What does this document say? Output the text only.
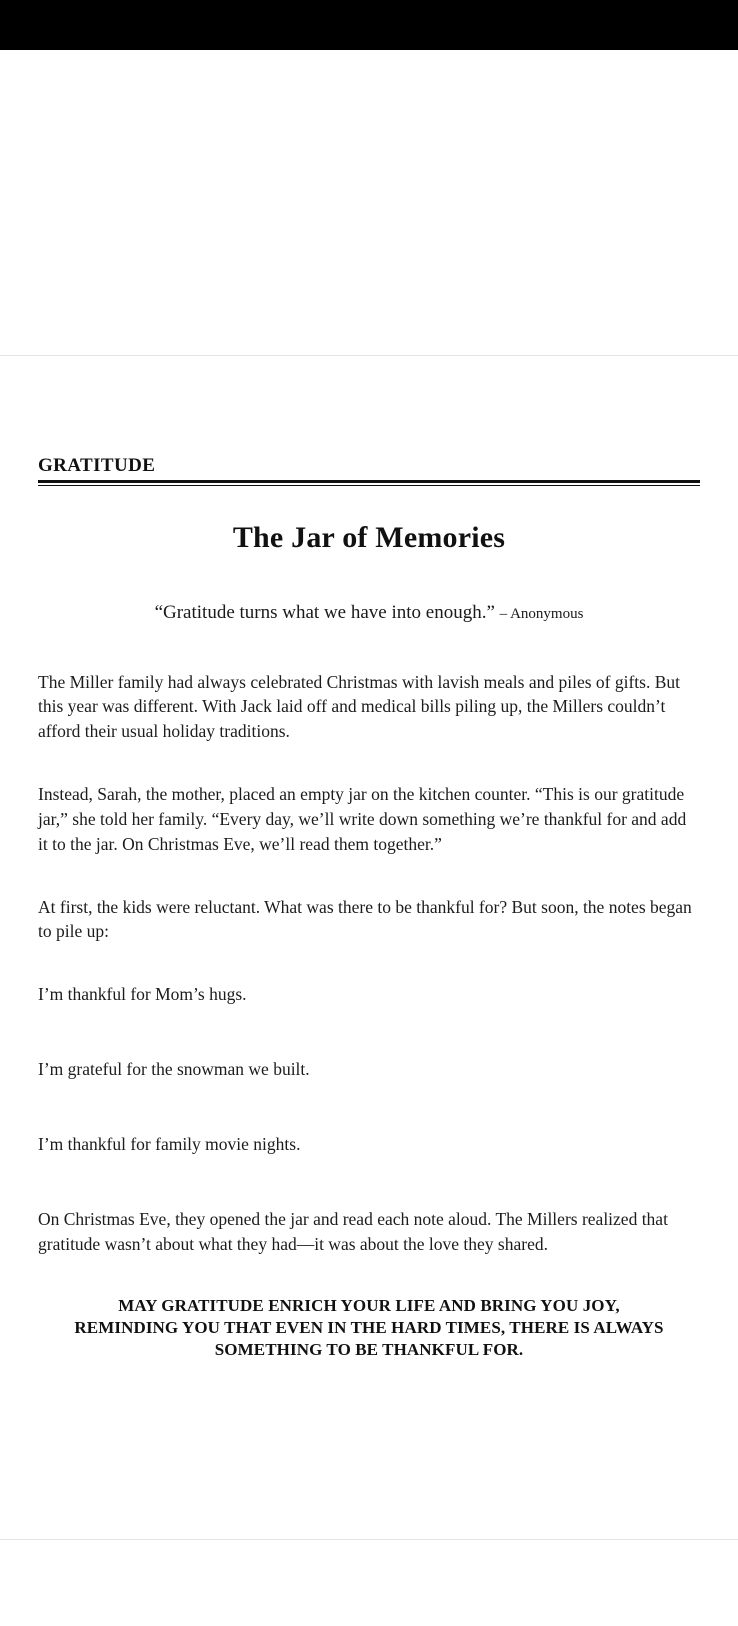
GRATITUDE
The Jar of Memories
“Gratitude turns what we have into enough.” – Anonymous

The Miller family had always celebrated Christmas with lavish meals and piles of gifts. But this year was different. With Jack laid off and medical bills piling up, the Millers couldn’t afford their usual holiday traditions.

Instead, Sarah, the mother, placed an empty jar on the kitchen counter. “This is our gratitude jar,” she told her family. “Every day, we’ll write down something we’re thankful for and add it to the jar. On Christmas Eve, we’ll read them together.”

At first, the kids were reluctant. What was there to be thankful for? But soon, the notes began to pile up:

I’m thankful for Mom’s hugs.

I’m grateful for the snowman we built.

I’m thankful for family movie nights.

On Christmas Eve, they opened the jar and read each note aloud. The Millers realized that gratitude wasn’t about what they had—it was about the love they shared.

MAY GRATITUDE ENRICH YOUR LIFE AND BRING YOU JOY,
REMINDING YOU THAT EVEN IN THE HARD TIMES, THERE IS ALWAYS
SOMETHING TO BE THANKFUL FOR.
